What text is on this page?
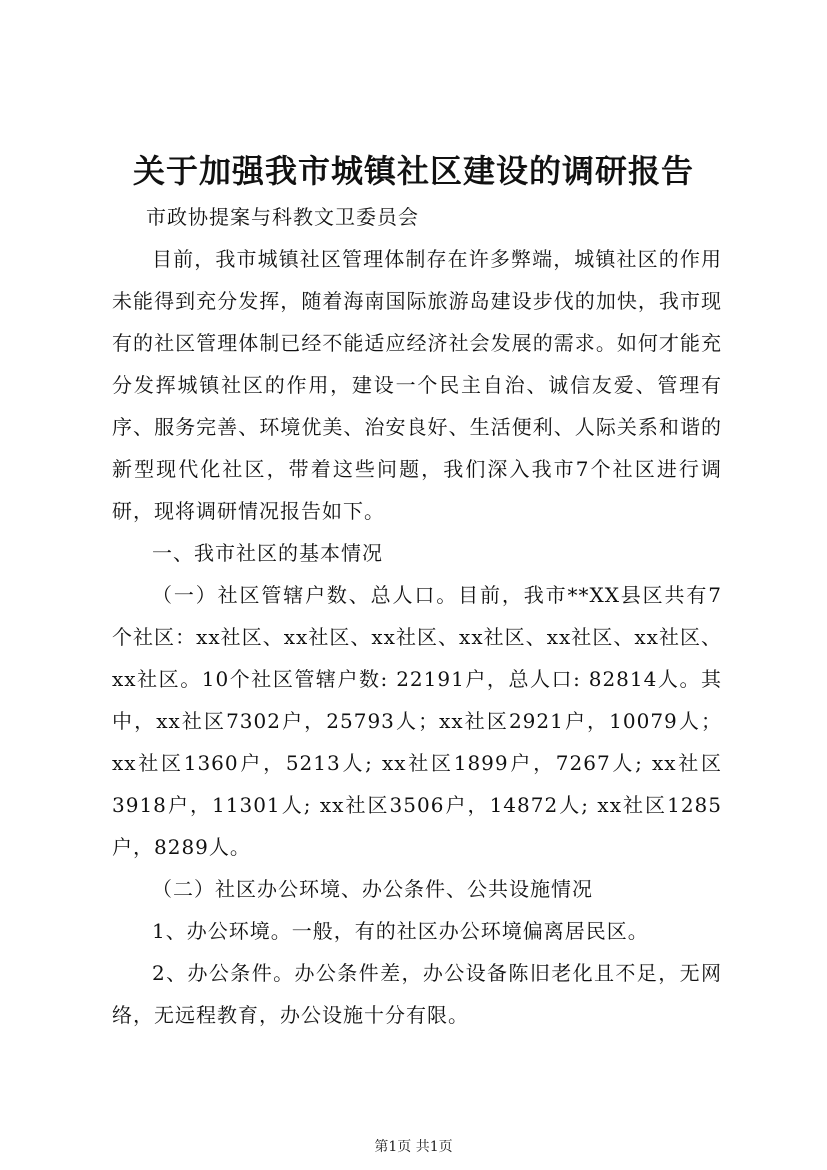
关于加强我市城镇社区建设的调研报告

市政协提案与科教文卫委员会

目前，我市城镇社区管理体制存在许多弊端，城镇社区的作用未能得到充分发挥，随着海南国际旅游岛建设步伐的加快，我市现有的社区管理体制已经不能适应经济社会发展的需求。如何才能充分发挥城镇社区的作用，建设一个民主自治、诚信友爱、管理有序、服务完善、环境优美、治安良好、生活便利、人际关系和谐的新型现代化社区，带着这些问题，我们深入我市7个社区进行调研，现将调研情况报告如下。

一、我市社区的基本情况

（一）社区管辖户数、总人口。目前，我市**XX县区共有7个社区：xx社区、xx社区、xx社区、xx社区、xx社区、xx社区、xx社区。10个社区管辖户数: 22191户，总人口: 82814人。其中，xx社区7302户，25793人；xx社区2921户，10079人；xx社区1360户，5213人; xx社区1899户，7267人; xx社区3918户，11301人; xx社区3506户，14872人; xx社区1285户，8289人。

（二）社区办公环境、办公条件、公共设施情况

1、办公环境。一般，有的社区办公环境偏离居民区。

2、办公条件。办公条件差，办公设备陈旧老化且不足，无网络，无远程教育，办公设施十分有限。

第1页 共1页
